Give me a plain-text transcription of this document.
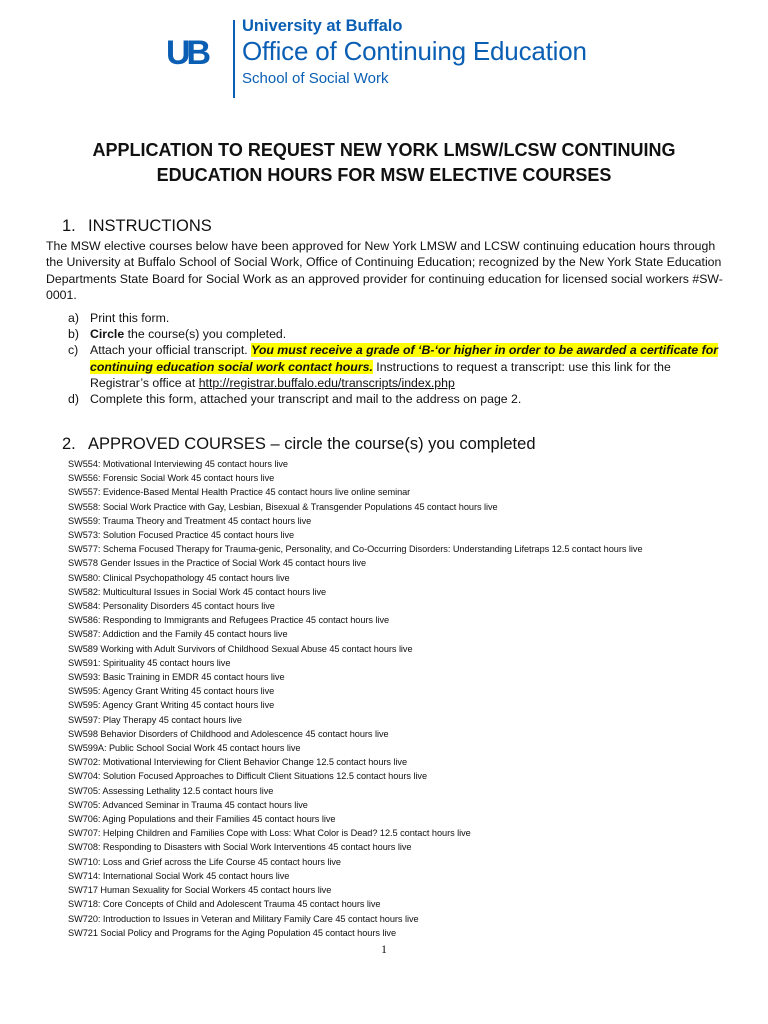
UB
University at Buffalo
Office of Continuing Education
School of Social Work
APPLICATION TO REQUEST NEW YORK LMSW/LCSW CONTINUING
EDUCATION HOURS FOR MSW ELECTIVE COURSES
1. INSTRUCTIONS
The MSW elective courses below have been approved for New York LMSW and LCSW continuing education hours through the University at Buffalo School of Social Work, Office of Continuing Education; recognized by the New York State Education Departments State Board for Social Work as an approved provider for continuing education for licensed social workers #SW-0001.
a) Print this form.
b) Circle the course(s) you completed.
c) Attach your official transcript. You must receive a grade of ‘B-‘or higher in order to be awarded a certificate for continuing education social work contact hours. Instructions to request a transcript: use this link for the Registrar’s office at http://registrar.buffalo.edu/transcripts/index.php
d) Complete this form, attached your transcript and mail to the address on page 2.
2. APPROVED COURSES – circle the course(s) you completed
SW554: Motivational Interviewing 45 contact hours live
SW556: Forensic Social Work 45 contact hours live
SW557: Evidence-Based Mental Health Practice 45 contact hours live online seminar
SW558: Social Work Practice with Gay, Lesbian, Bisexual & Transgender Populations 45 contact hours live
SW559: Trauma Theory and Treatment 45 contact hours live
SW573: Solution Focused Practice 45 contact hours live
SW577: Schema Focused Therapy for Trauma-genic, Personality, and Co-Occurring Disorders: Understanding Lifetraps 12.5 contact hours live
SW578 Gender Issues in the Practice of Social Work 45 contact hours live
SW580: Clinical Psychopathology 45 contact hours live
SW582: Multicultural Issues in Social Work 45 contact hours live
SW584: Personality Disorders 45 contact hours live
SW586: Responding to Immigrants and Refugees Practice 45 contact hours live
SW587: Addiction and the Family 45 contact hours live
SW589 Working with Adult Survivors of Childhood Sexual Abuse 45 contact hours live
SW591: Spirituality 45 contact hours live
SW593: Basic Training in EMDR 45 contact hours live
SW595: Agency Grant Writing 45 contact hours live
SW595: Agency Grant Writing 45 contact hours live
SW597: Play Therapy 45 contact hours live
SW598 Behavior Disorders of Childhood and Adolescence 45 contact hours live
SW599A: Public School Social Work 45 contact hours live
SW702: Motivational Interviewing for Client Behavior Change 12.5 contact hours live
SW704: Solution Focused Approaches to Difficult Client Situations 12.5 contact hours live
SW705: Assessing Lethality 12.5 contact hours live
SW705: Advanced Seminar in Trauma 45 contact hours live
SW706: Aging Populations and their Families 45 contact hours live
SW707: Helping Children and Families Cope with Loss: What Color is Dead? 12.5 contact hours live
SW708: Responding to Disasters with Social Work Interventions 45 contact hours live
SW710: Loss and Grief across the Life Course 45 contact hours live
SW714: International Social Work 45 contact hours live
SW717 Human Sexuality for Social Workers 45 contact hours live
SW718: Core Concepts of Child and Adolescent Trauma 45 contact hours live
SW720: Introduction to Issues in Veteran and Military Family Care 45 contact hours live
SW721 Social Policy and Programs for the Aging Population 45 contact hours live
1
